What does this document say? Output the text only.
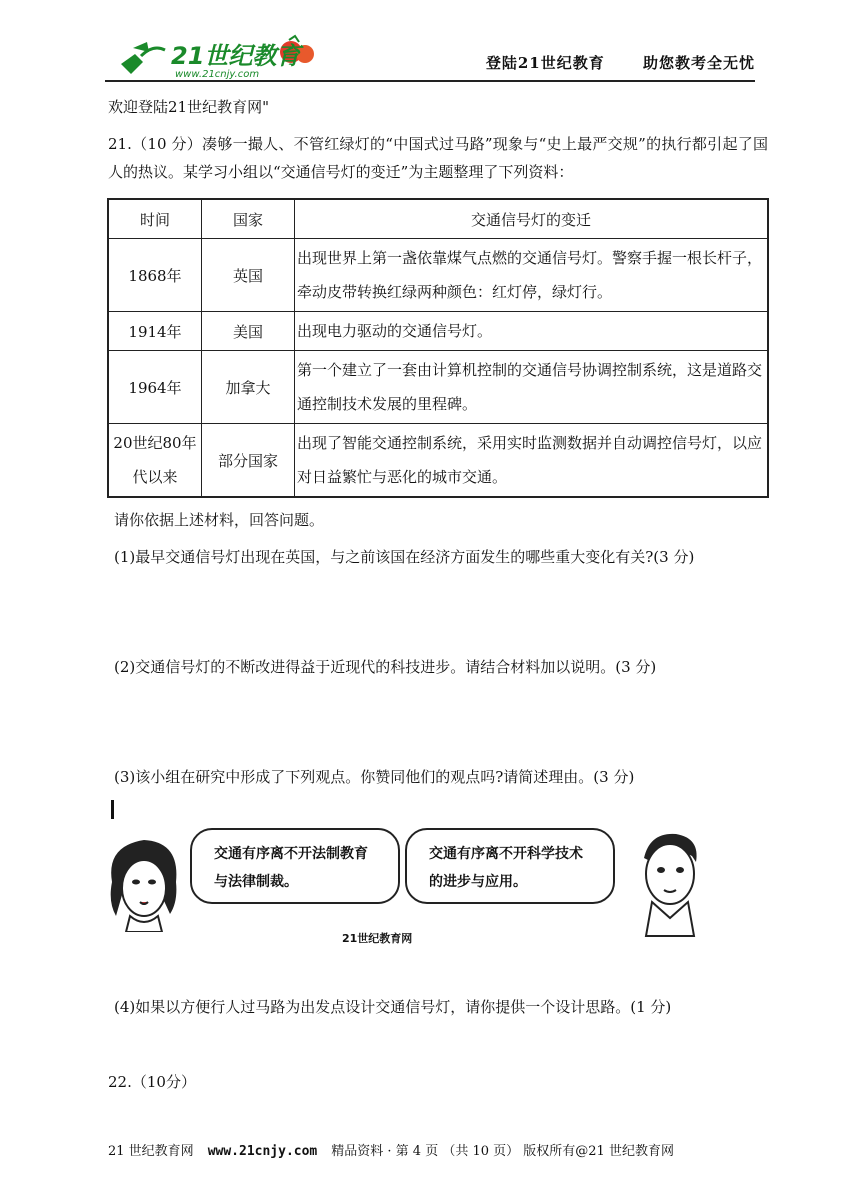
21世纪教育
www.21cnjy.com
登陆21世纪教育	助您教考全无忧
欢迎登陆21世纪教育网"
21.（10 分）凑够一撮人、不管红绿灯的“中国式过马路”现象与“史上最严交规”的执行都引起了国人的热议。某学习小组以“交通信号灯的变迁”为主题整理了下列资料：
时间	国家	交通信号灯的变迁
1868年	英国	出现世界上第一盏依靠煤气点燃的交通信号灯。警察手握一根长杆子，牵动皮带转换红绿两种颜色：红灯停，绿灯行。
1914年	美国	出现电力驱动的交通信号灯。
1964年	加拿大	第一个建立了一套由计算机控制的交通信号协调控制系统，这是道路交通控制技术发展的里程碑。
20世纪80年代以来	部分国家	出现了智能交通控制系统，采用实时监测数据并自动调控信号灯，以应对日益繁忙与恶化的城市交通。
请你依据上述材料，回答问题。
(1)最早交通信号灯出现在英国，与之前该国在经济方面发生的哪些重大变化有关?(3 分)
(2)交通信号灯的不断改进得益于近现代的科技进步。请结合材料加以说明。(3 分)
(3)该小组在研究中形成了下列观点。你赞同他们的观点吗?请简述理由。(3 分)
交通有序离不开法制教育与法律制裁。
交通有序离不开科学技术的进步与应用。
21世纪教育网
(4)如果以方便行人过马路为出发点设计交通信号灯，请你提供一个设计思路。(1 分)
22.（10分）
21 世纪教育网 www.21cnjy.com 精品资料 · 第 4 页 （共 10 页） 版权所有@21 世纪教育网
